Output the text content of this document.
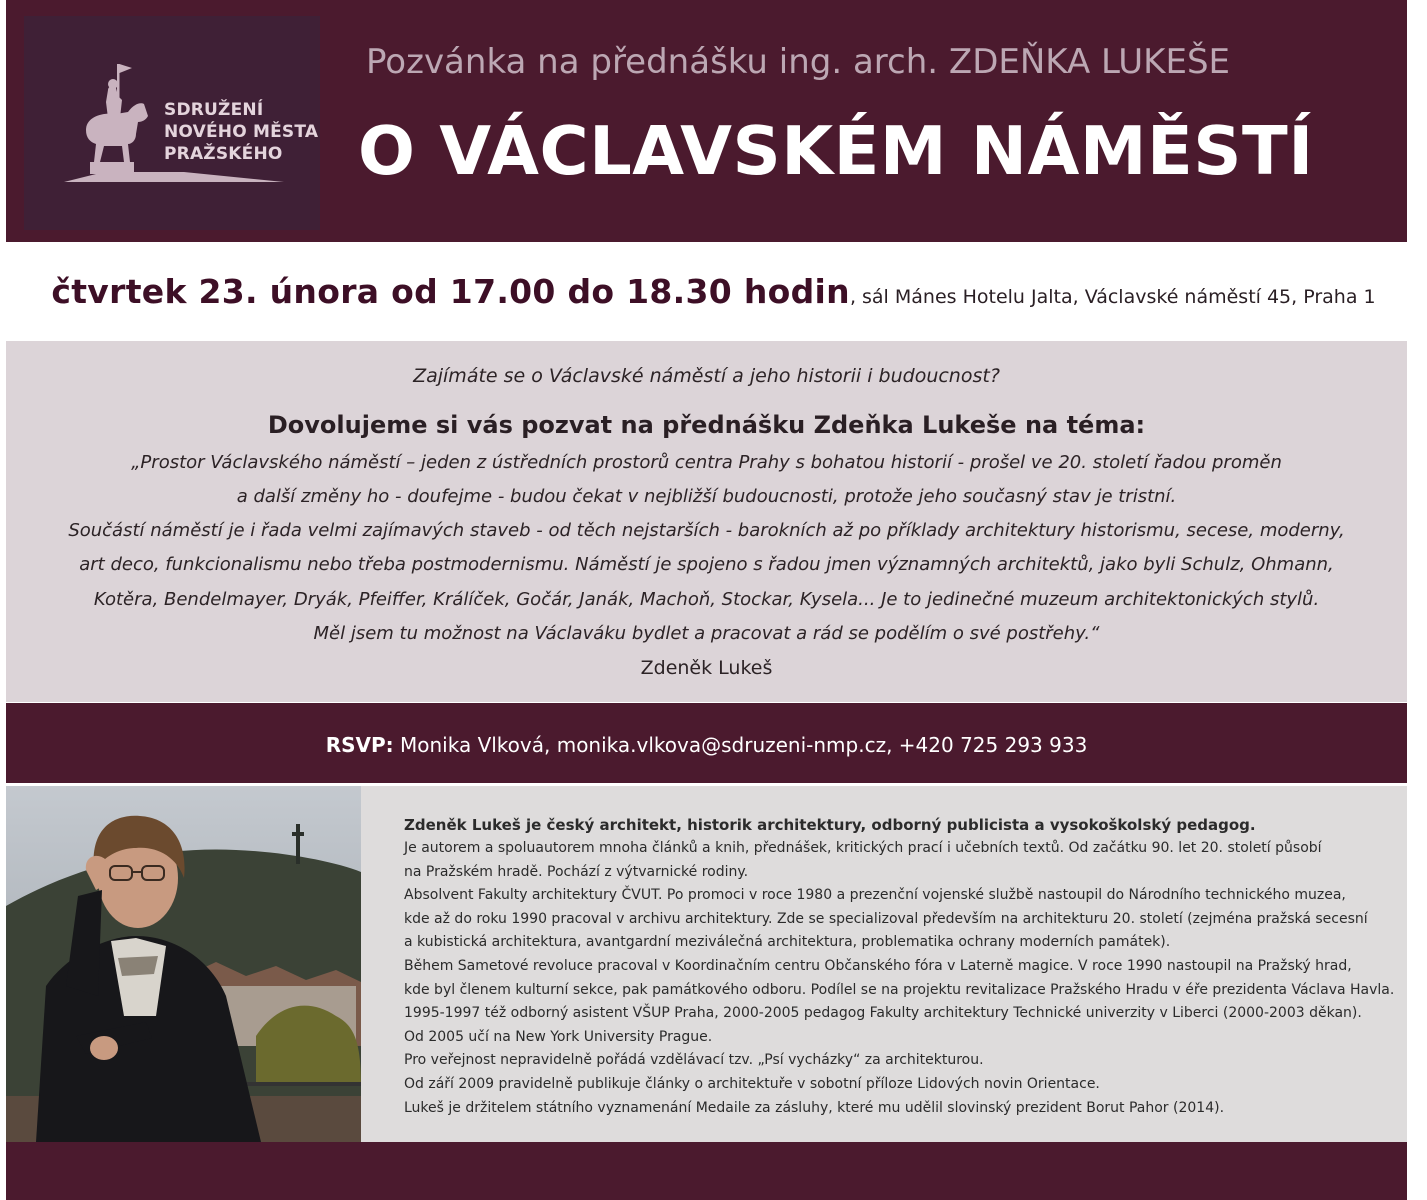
SDRUŽENÍ
NOVÉHO MĚSTA
PRAŽSKÉHO
Pozvánka na přednášku ing. arch. ZDEŇKA LUKEŠE
O VÁCLAVSKÉM NÁMĚSTÍ
čtvrtek 23. února od 17.00 do 18.30 hodin, sál Mánes Hotelu Jalta, Václavské náměstí 45, Praha 1
Zajímáte se o Václavské náměstí a jeho historii i budoucnost?
Dovolujeme si vás pozvat na přednášku Zdeňka Lukeše na téma:
„Prostor Václavského náměstí – jeden z ústředních prostorů centra Prahy s bohatou historií - prošel ve 20. století řadou proměn
a další změny ho - doufejme - budou čekat v nejbližší budoucnosti, protože jeho současný stav je tristní.
Součástí náměstí je i řada velmi zajímavých staveb - od těch nejstarších - barokních až po příklady architektury historismu, secese, moderny,
art deco, funkcionalismu nebo třeba postmodernismu. Náměstí je spojeno s řadou jmen významných architektů, jako byli Schulz, Ohmann,
Kotěra, Bendelmayer, Dryák, Pfeiffer, Králíček, Gočár, Janák, Machoň, Stockar, Kysela... Je to jedinečné muzeum architektonických stylů.
Měl jsem tu možnost na Václaváku bydlet a pracovat a rád se podělím o své postřehy.“
Zdeněk Lukeš
RSVP: Monika Vlková, monika.vlkova@sdruzeni-nmp.cz, +420 725 293 933
Zdeněk Lukeš je český architekt, historik architektury, odborný publicista a vysokoškolský pedagog.
Je autorem a spoluautorem mnoha článků a knih, přednášek, kritických prací i učebních textů. Od začátku 90. let 20. století působí
na Pražském hradě. Pochází z výtvarnické rodiny.
Absolvent Fakulty architektury ČVUT. Po promoci v roce 1980 a prezenční vojenské službě nastoupil do Národního technického muzea,
kde až do roku 1990 pracoval v archivu architektury. Zde se specializoval především na architekturu 20. století (zejména pražská secesní
a kubistická architektura, avantgardní meziválečná architektura, problematika ochrany moderních památek).
Během Sametové revoluce pracoval v Koordinačním centru Občanského fóra v Laterně magice. V roce 1990 nastoupil na Pražský hrad,
kde byl členem kulturní sekce, pak památkového odboru. Podílel se na projektu revitalizace Pražského Hradu v éře prezidenta Václava Havla.
1995-1997 též odborný asistent VŠUP Praha, 2000-2005 pedagog Fakulty architektury Technické univerzity v Liberci (2000-2003 děkan).
Od 2005 učí na New York University Prague.
Pro veřejnost nepravidelně pořádá vzdělávací tzv. „Psí vycházky“ za architekturou.
Od září 2009 pravidelně publikuje články o architektuře v sobotní příloze Lidových novin Orientace.
Lukeš je držitelem státního vyznamenání Medaile za zásluhy, které mu udělil slovinský prezident Borut Pahor (2014).
